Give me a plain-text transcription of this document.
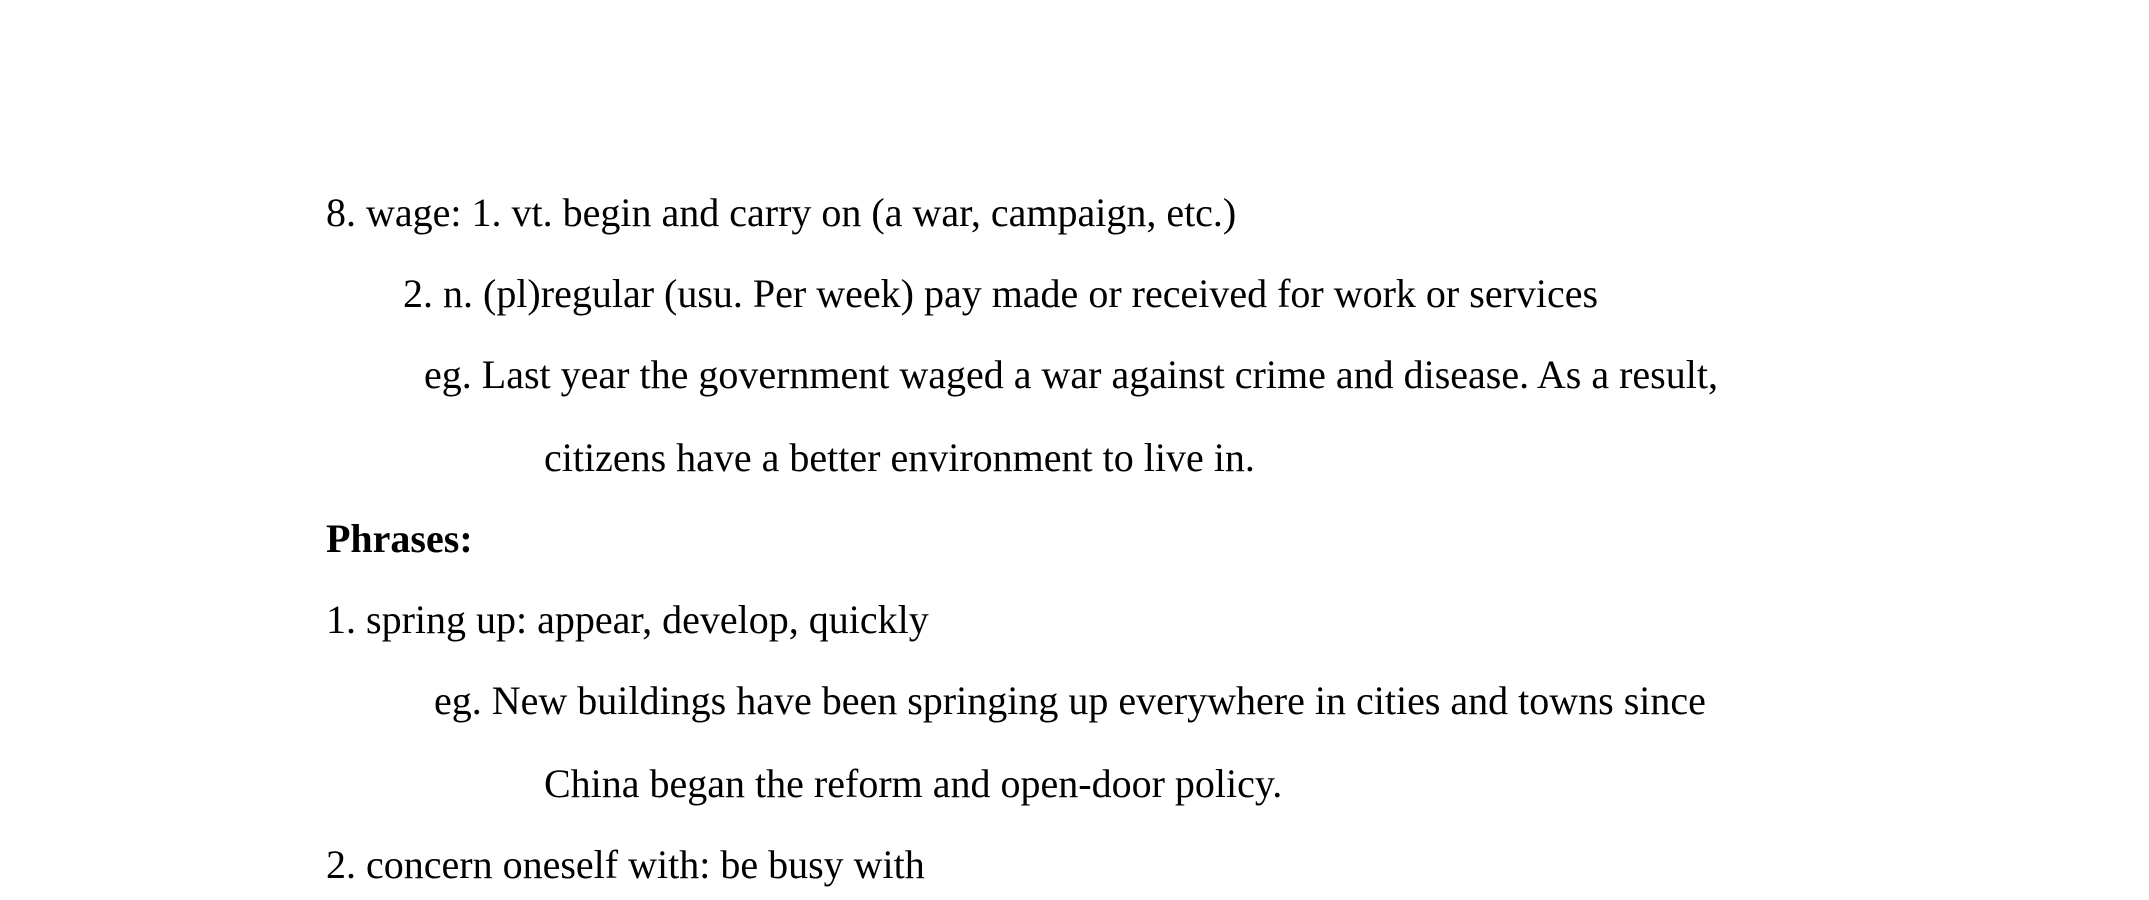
8. wage: 1. vt. begin and carry on (a war, campaign, etc.)
2. n. (pl)regular (usu. Per week) pay made or received for work or services
eg. Last year the government waged a war against crime and disease. As a result,
citizens have a better environment to live in.
Phrases:
1. spring up: appear, develop, quickly
eg. New buildings have been springing up everywhere in cities and towns since
China began the reform and open-door policy.
2. concern oneself with: be busy with
